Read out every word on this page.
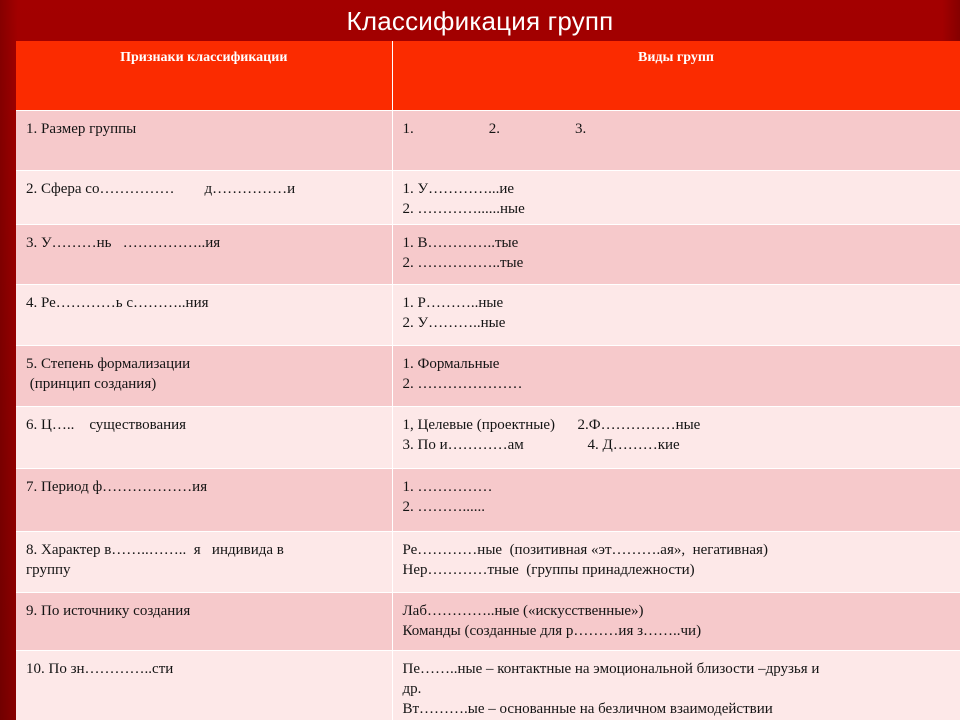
Классификация групп
Признаки классификации	Виды групп

1. Размер группы	1.                    2.                    3.

2. Сфера со……………        д……………и	1. У…………...ие
2. …………......ные

3. У………нь   ……………..ия	1. В…………..тые
2. ……………..тые

4. Ре…………ь с………..ния	1. Р………..ные
2. У………..ные

5. Степень формализации
(принцип создания)	1. Формальные
2. …………………

6. Ц…..    существования	1, Целевые (проектные)      2.Ф……………ные
3. По и…………ам                 4. Д………кие

7. Период ф………………ия	1. ……………
2. ………......

8. Характер в……..……..  я   индивида в
группу	Ре…………ные  (позитивная «эт……….ая»,  негативная)
Нер…………тные  (группы принадлежности)

9. По источнику создания	Лаб…………..ные («искусственные»)
Команды (созданные для р………ия з……..чи)

10. По зн…………..сти	Пе……..ные – контактные на эмоциональной близости –друзья и
др.
Вт……….ые – основанные на безличном взаимодействии
